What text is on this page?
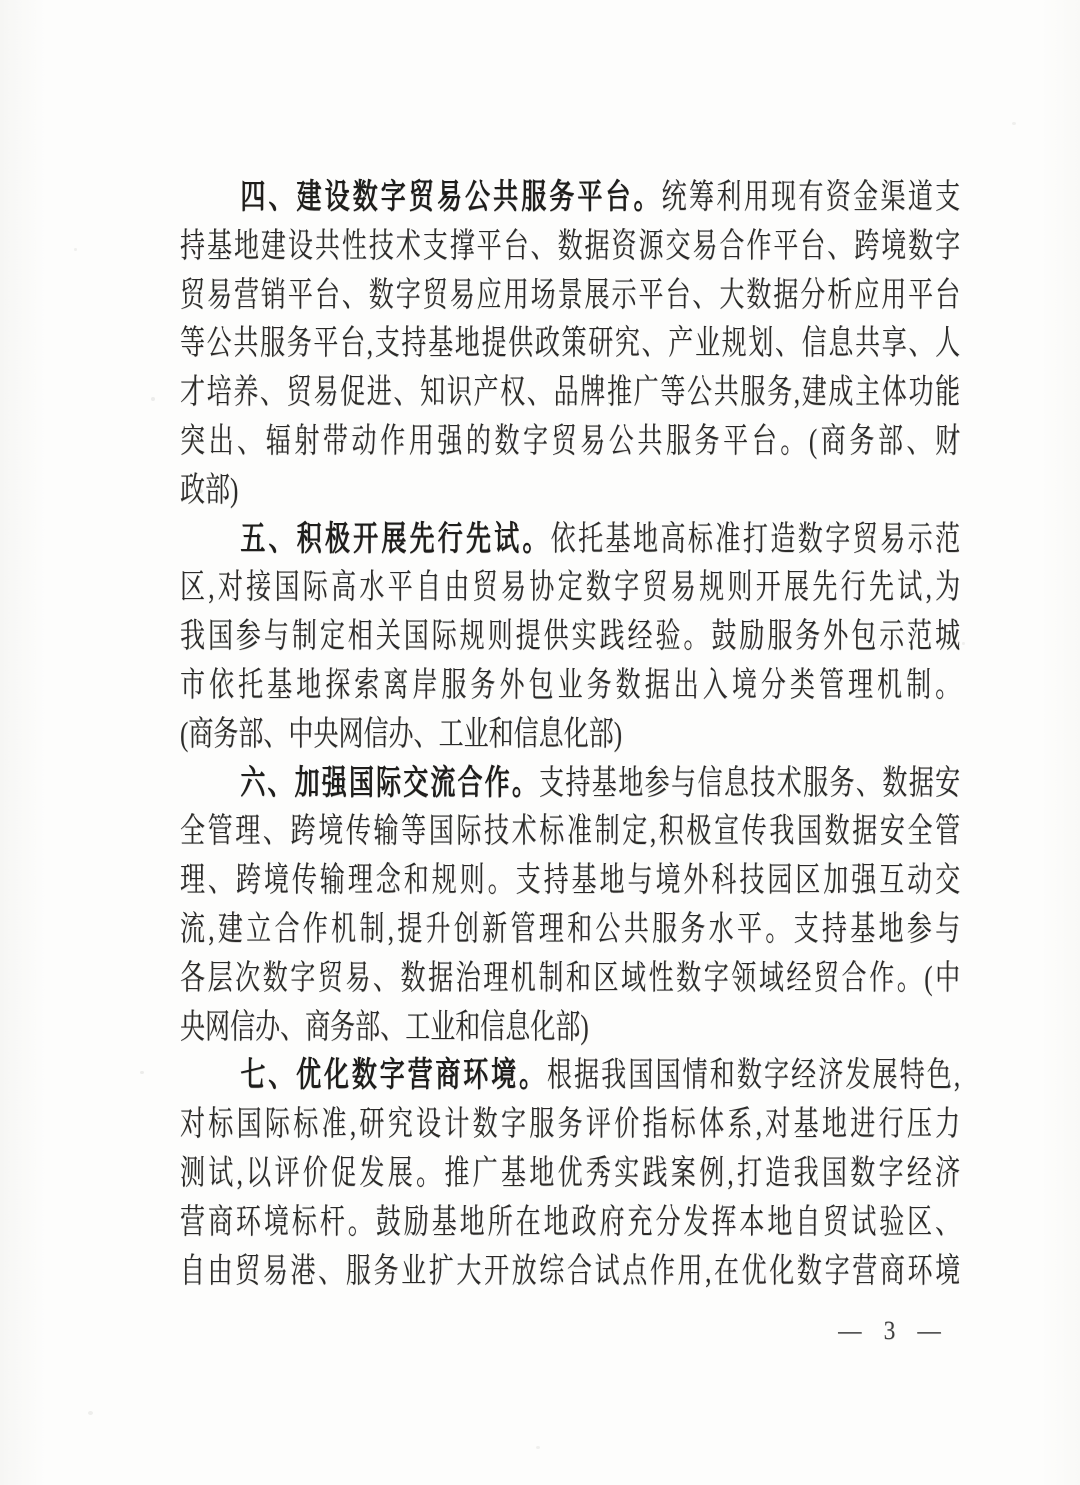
四、建设数字贸易公共服务平台。统筹利用现有资金渠道支
持基地建设共性技术支撑平台、数据资源交易合作平台、跨境数字
贸易营销平台、数字贸易应用场景展示平台、大数据分析应用平台
等公共服务平台,支持基地提供政策研究、产业规划、信息共享、人
才培养、贸易促进、知识产权、品牌推广等公共服务,建成主体功能
突出、辐射带动作用强的数字贸易公共服务平台。(商务部、财
政部)
五、积极开展先行先试。依托基地高标准打造数字贸易示范
区,对接国际高水平自由贸易协定数字贸易规则开展先行先试,为
我国参与制定相关国际规则提供实践经验。鼓励服务外包示范城
市依托基地探索离岸服务外包业务数据出入境分类管理机制。
(商务部、中央网信办、工业和信息化部)
六、加强国际交流合作。支持基地参与信息技术服务、数据安
全管理、跨境传输等国际技术标准制定,积极宣传我国数据安全管
理、跨境传输理念和规则。支持基地与境外科技园区加强互动交
流,建立合作机制,提升创新管理和公共服务水平。支持基地参与
各层次数字贸易、数据治理机制和区域性数字领域经贸合作。(中
央网信办、商务部、工业和信息化部)
七、优化数字营商环境。根据我国国情和数字经济发展特色,
对标国际标准,研究设计数字服务评价指标体系,对基地进行压力
测试,以评价促发展。推广基地优秀实践案例,打造我国数字经济
营商环境标杆。鼓励基地所在地政府充分发挥本地自贸试验区、
自由贸易港、服务业扩大开放综合试点作用,在优化数字营商环境
— 3 —
